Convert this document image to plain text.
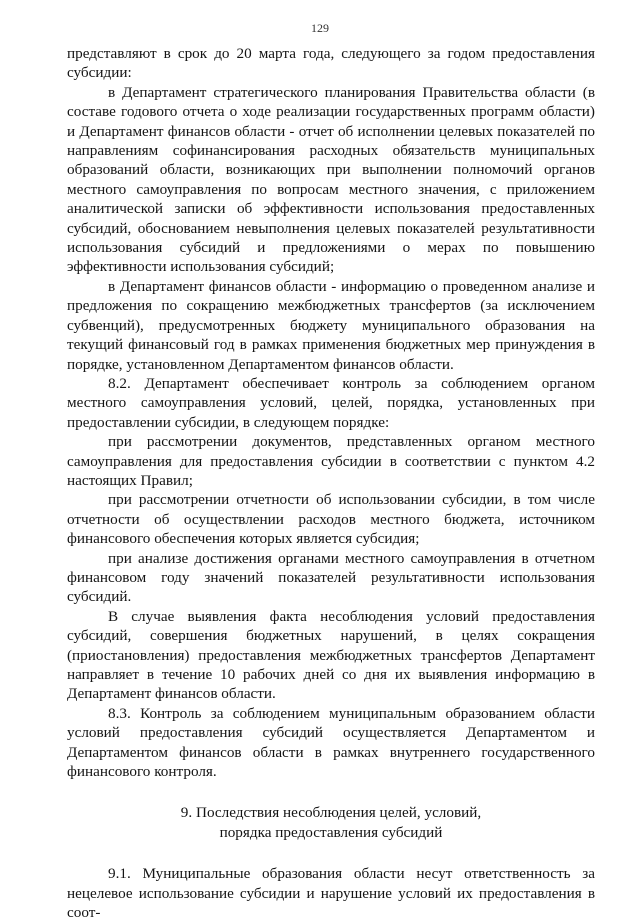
129

представляют в срок до 20 марта года, следующего за годом предоставления субсидии:

в Департамент стратегического планирования Правительства области (в составе годового отчета о ходе реализации государственных программ области) и Департамент финансов области - отчет об исполнении целевых показателей по направлениям софинансирования расходных обязательств муниципальных образований области, возникающих при выполнении полномочий органов местного самоуправления по вопросам местного значения, с приложением аналитической записки об эффективности использования предоставленных субсидий, обоснованием невыполнения целевых показателей результативности использования субсидий и предложениями о мерах по повышению эффективности использования субсидий;

в Департамент финансов области - информацию о проведенном анализе и предложения по сокращению межбюджетных трансфертов (за исключением субвенций), предусмотренных бюджету муниципального образования на текущий финансовый год в рамках применения бюджетных мер принуждения в порядке, установленном Департаментом финансов области.

8.2. Департамент обеспечивает контроль за соблюдением органом местного самоуправления условий, целей, порядка, установленных при предоставлении субсидии, в следующем порядке:

при рассмотрении документов, представленных органом местного самоуправления для предоставления субсидии в соответствии с пунктом 4.2 настоящих Правил;

при рассмотрении отчетности об использовании субсидии, в том числе отчетности об осуществлении расходов местного бюджета, источником финансового обеспечения которых является субсидия;

при анализе достижения органами местного самоуправления в отчетном финансовом году значений показателей результативности использования субсидий.

В случае выявления факта несоблюдения условий предоставления субсидий, совершения бюджетных нарушений, в целях сокращения (приостановления) предоставления межбюджетных трансфертов Департамент направляет в течение 10 рабочих дней со дня их выявления информацию в Департамент финансов области.

8.3. Контроль за соблюдением муниципальным образованием области условий предоставления субсидий осуществляется Департаментом и Департаментом финансов области в рамках внутреннего государственного финансового контроля.

9. Последствия несоблюдения целей, условий,
порядка предоставления субсидий

9.1. Муниципальные образования области несут ответственность за нецелевое использование субсидии и нарушение условий их предоставления в соот-
